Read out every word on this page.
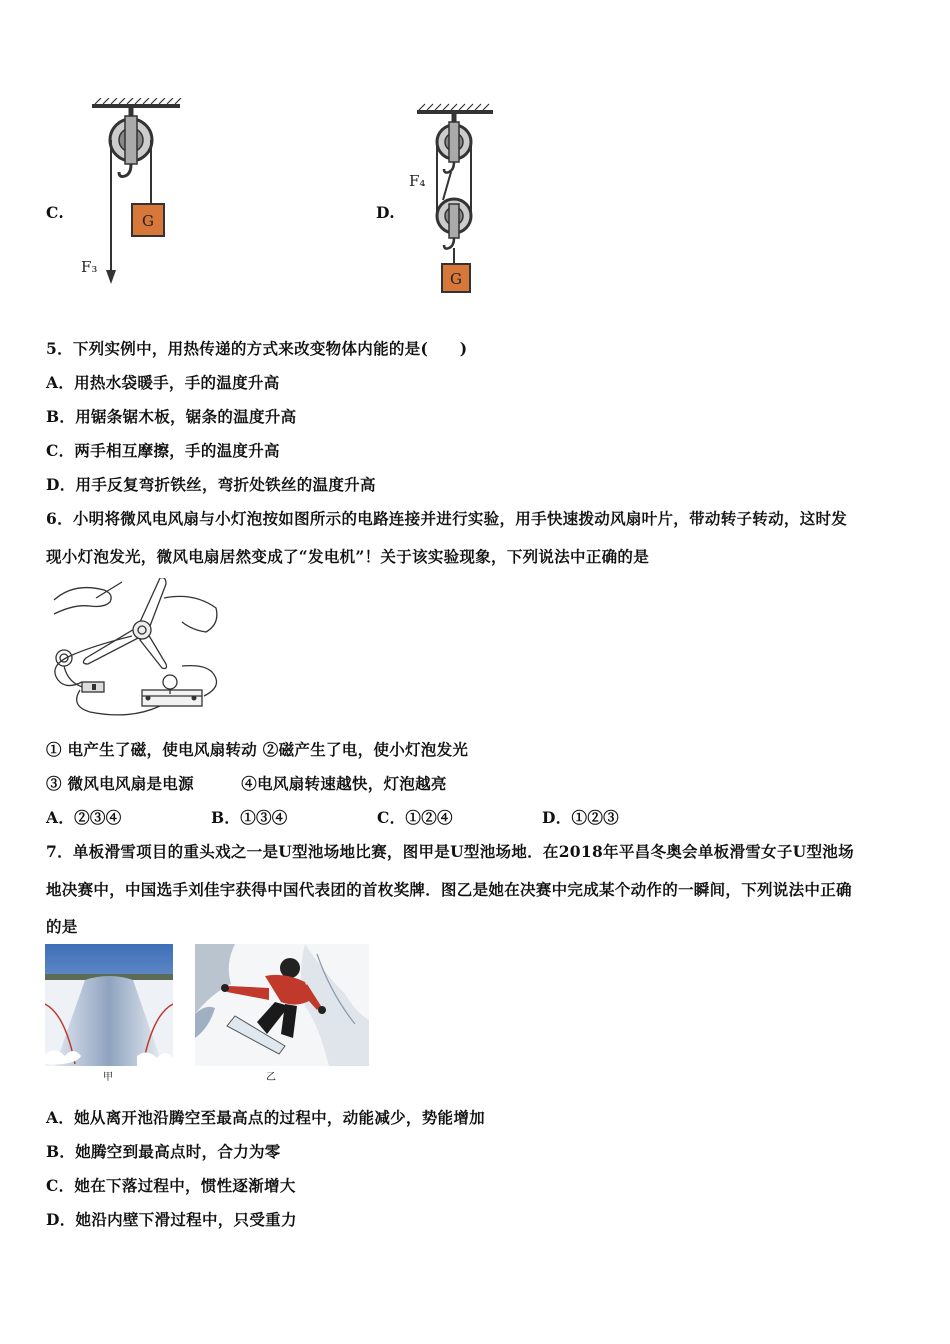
C.	G
F₃
D.
G
F₄
5．下列实例中，用热传递的方式来改变物体内能的是(　　)
A．用热水袋暖手，手的温度升高
B．用锯条锯木板，锯条的温度升高
C．两手相互摩擦，手的温度升高
D．用手反复弯折铁丝，弯折处铁丝的温度升高
6．小明将微风电风扇与小灯泡按如图所示的电路连接并进行实验，用手快速拨动风扇叶片，带动转子转动，这时发
现小灯泡发光，微风电扇居然变成了“发电机”！关于该实验现象，下列说法中正确的是
① 电产生了磁，使电风扇转动 ②磁产生了电，使小灯泡发光
③ 微风电风扇是电源　　　④电风扇转速越快，灯泡越亮
A．②③④	B．①③④	C．①②④	D．①②③
7．单板滑雪项目的重头戏之一是U型池场地比赛，图甲是U型池场地．在2018年平昌冬奥会单板滑雪女子U型池场
地决赛中，中国选手刘佳宇获得中国代表团的首枚奖牌．图乙是她在决赛中完成某个动作的一瞬间，下列说法中正确
的是
甲	乙
A．她从离开池沿腾空至最高点的过程中，动能减少，势能增加
B．她腾空到最高点时，合力为零
C．她在下落过程中，惯性逐渐增大
D．她沿内壁下滑过程中，只受重力
